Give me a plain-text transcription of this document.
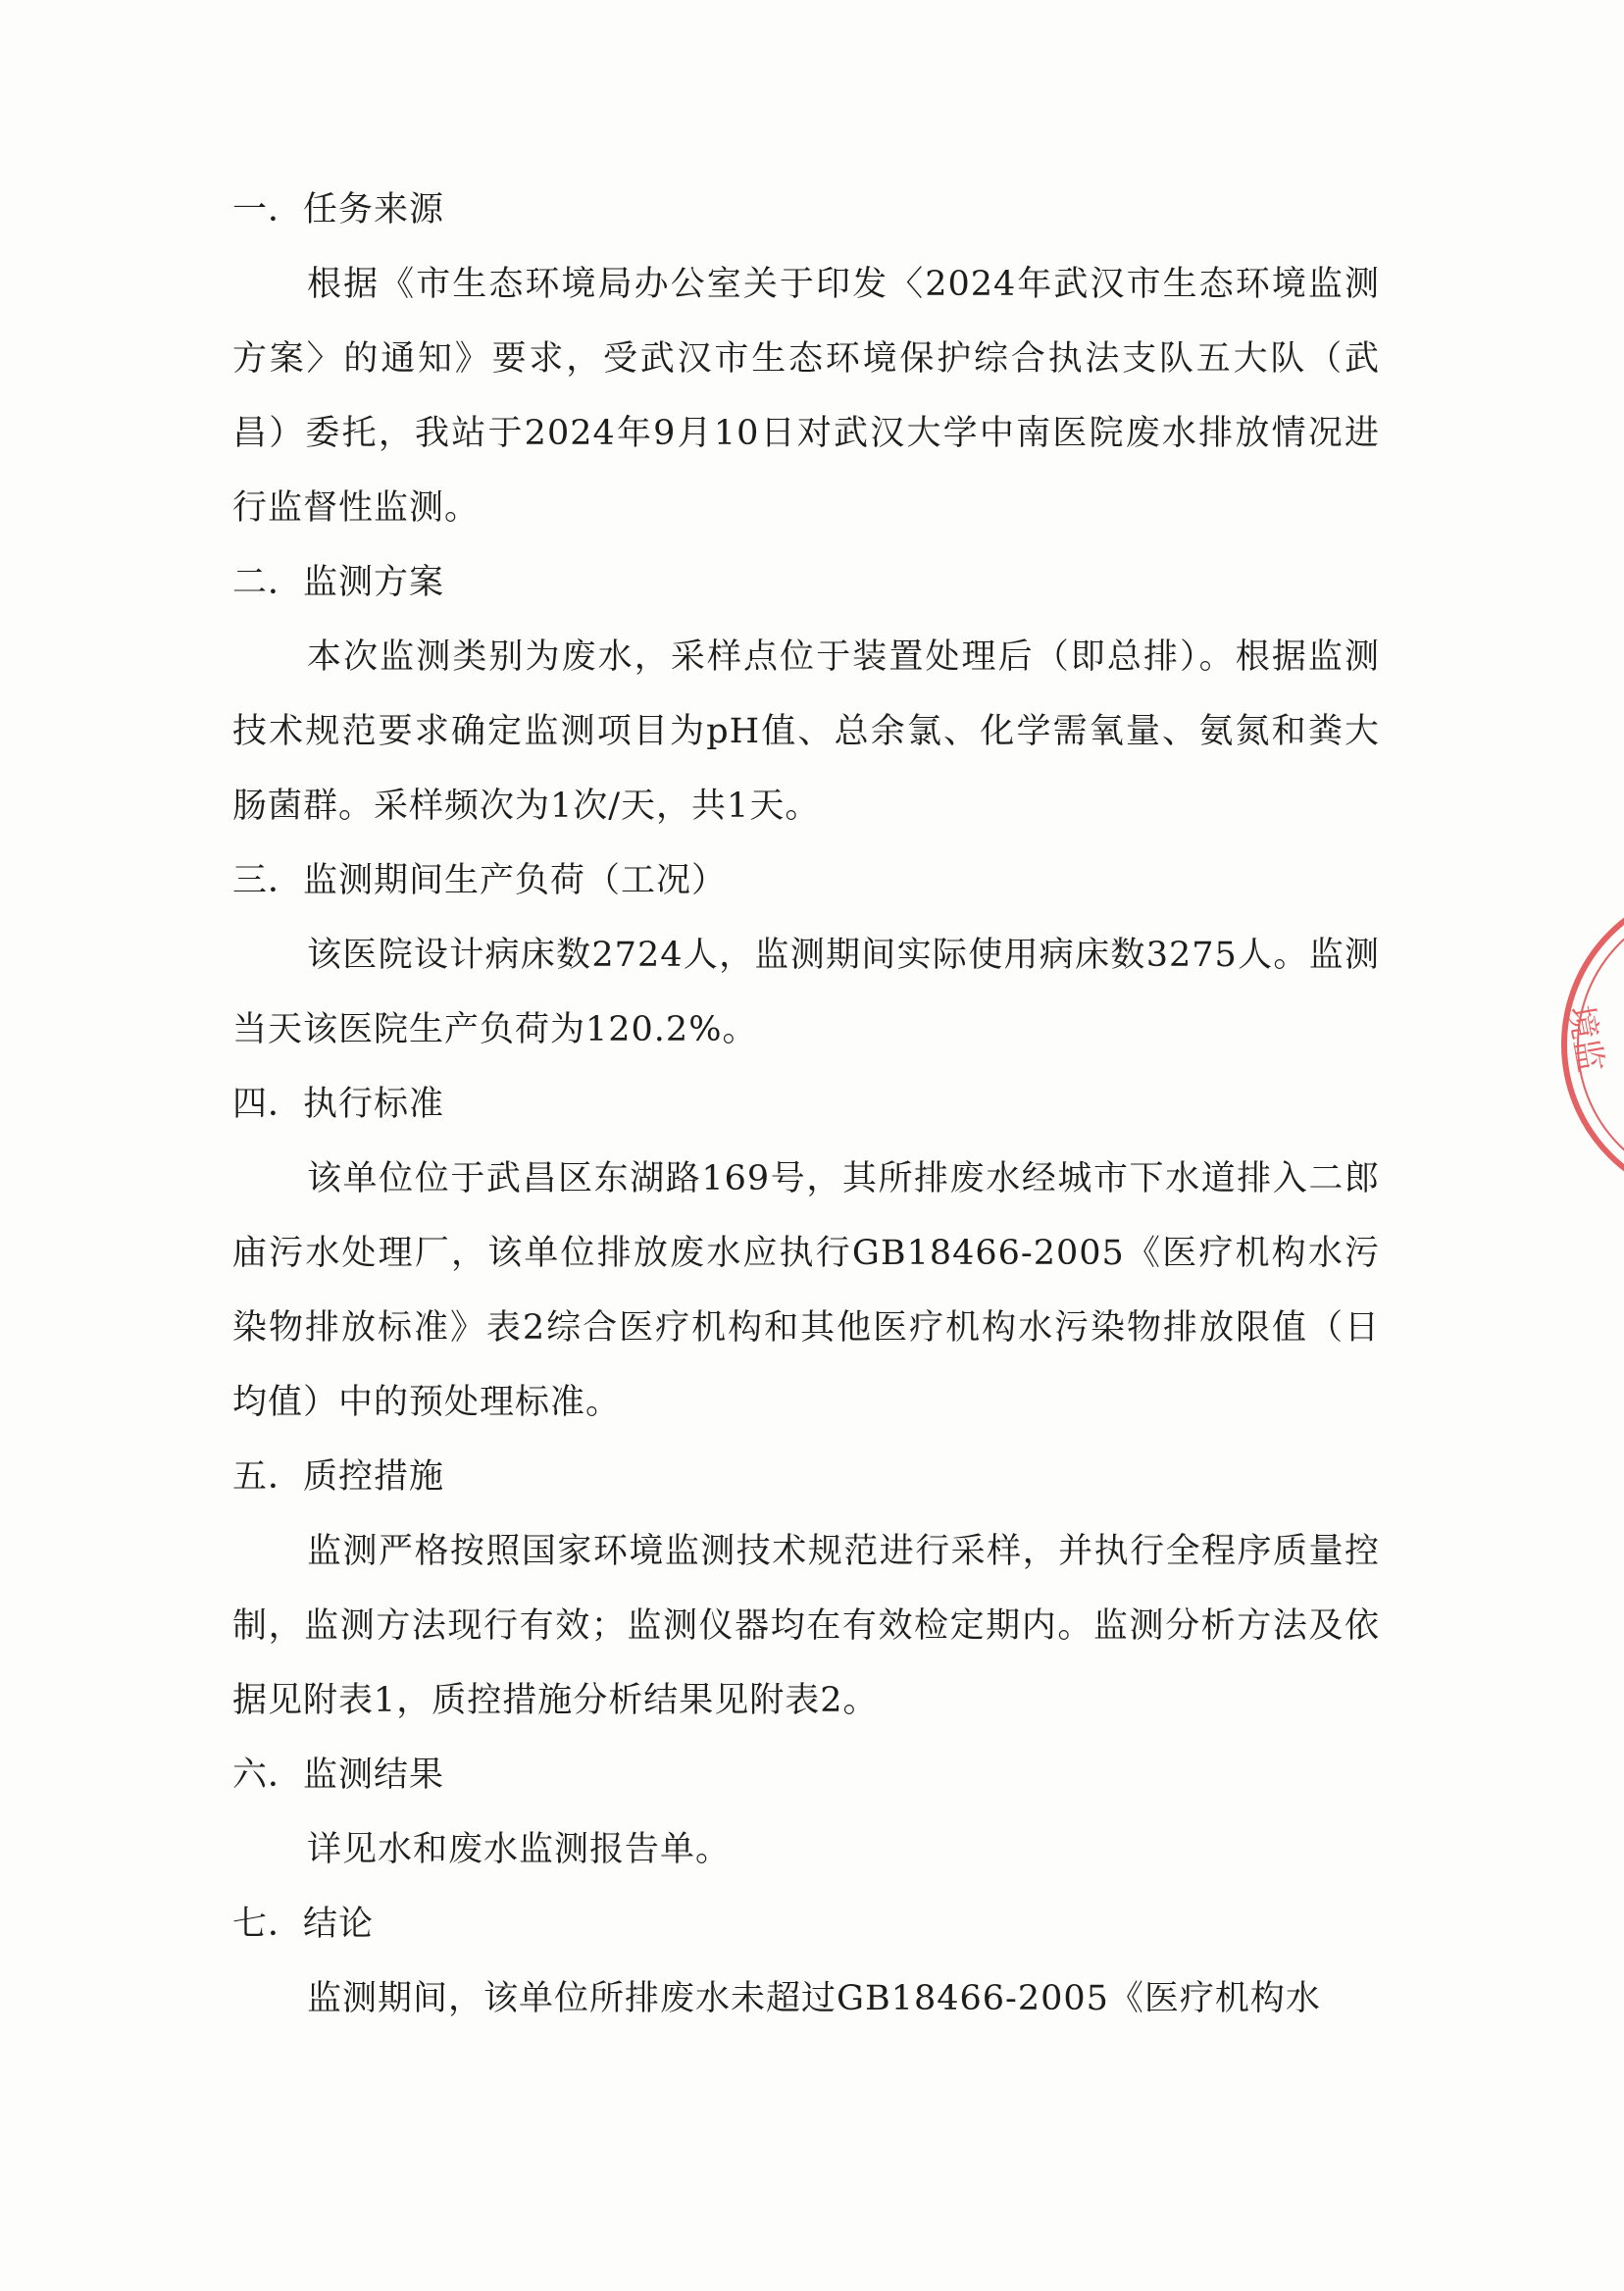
一．任务来源

根据《市生态环境局办公室关于印发〈2024年武汉市生态环境监测方案〉的通知》要求，受武汉市生态环境保护综合执法支队五大队（武昌）委托，我站于2024年9月10日对武汉大学中南医院废水排放情况进行监督性监测。

二．监测方案

本次监测类别为废水，采样点位于装置处理后（即总排）。根据监测技术规范要求确定监测项目为pH值、总余氯、化学需氧量、氨氮和粪大肠菌群。采样频次为1次/天，共1天。

三．监测期间生产负荷（工况）

该医院设计病床数2724人，监测期间实际使用病床数3275人。监测当天该医院生产负荷为120.2%。

四．执行标准

该单位位于武昌区东湖路169号，其所排废水经城市下水道排入二郎庙污水处理厂，该单位排放废水应执行GB18466-2005《医疗机构水污染物排放标准》表2综合医疗机构和其他医疗机构水污染物排放限值（日均值）中的预处理标准。

五．质控措施

监测严格按照国家环境监测技术规范进行采样，并执行全程序质量控制，监测方法现行有效；监测仪器均在有效检定期内。监测分析方法及依据见附表1，质控措施分析结果见附表2。

六．监测结果

详见水和废水监测报告单。

七．结论

监测期间，该单位所排废水未超过GB18466-2005《医疗机构水

境监
